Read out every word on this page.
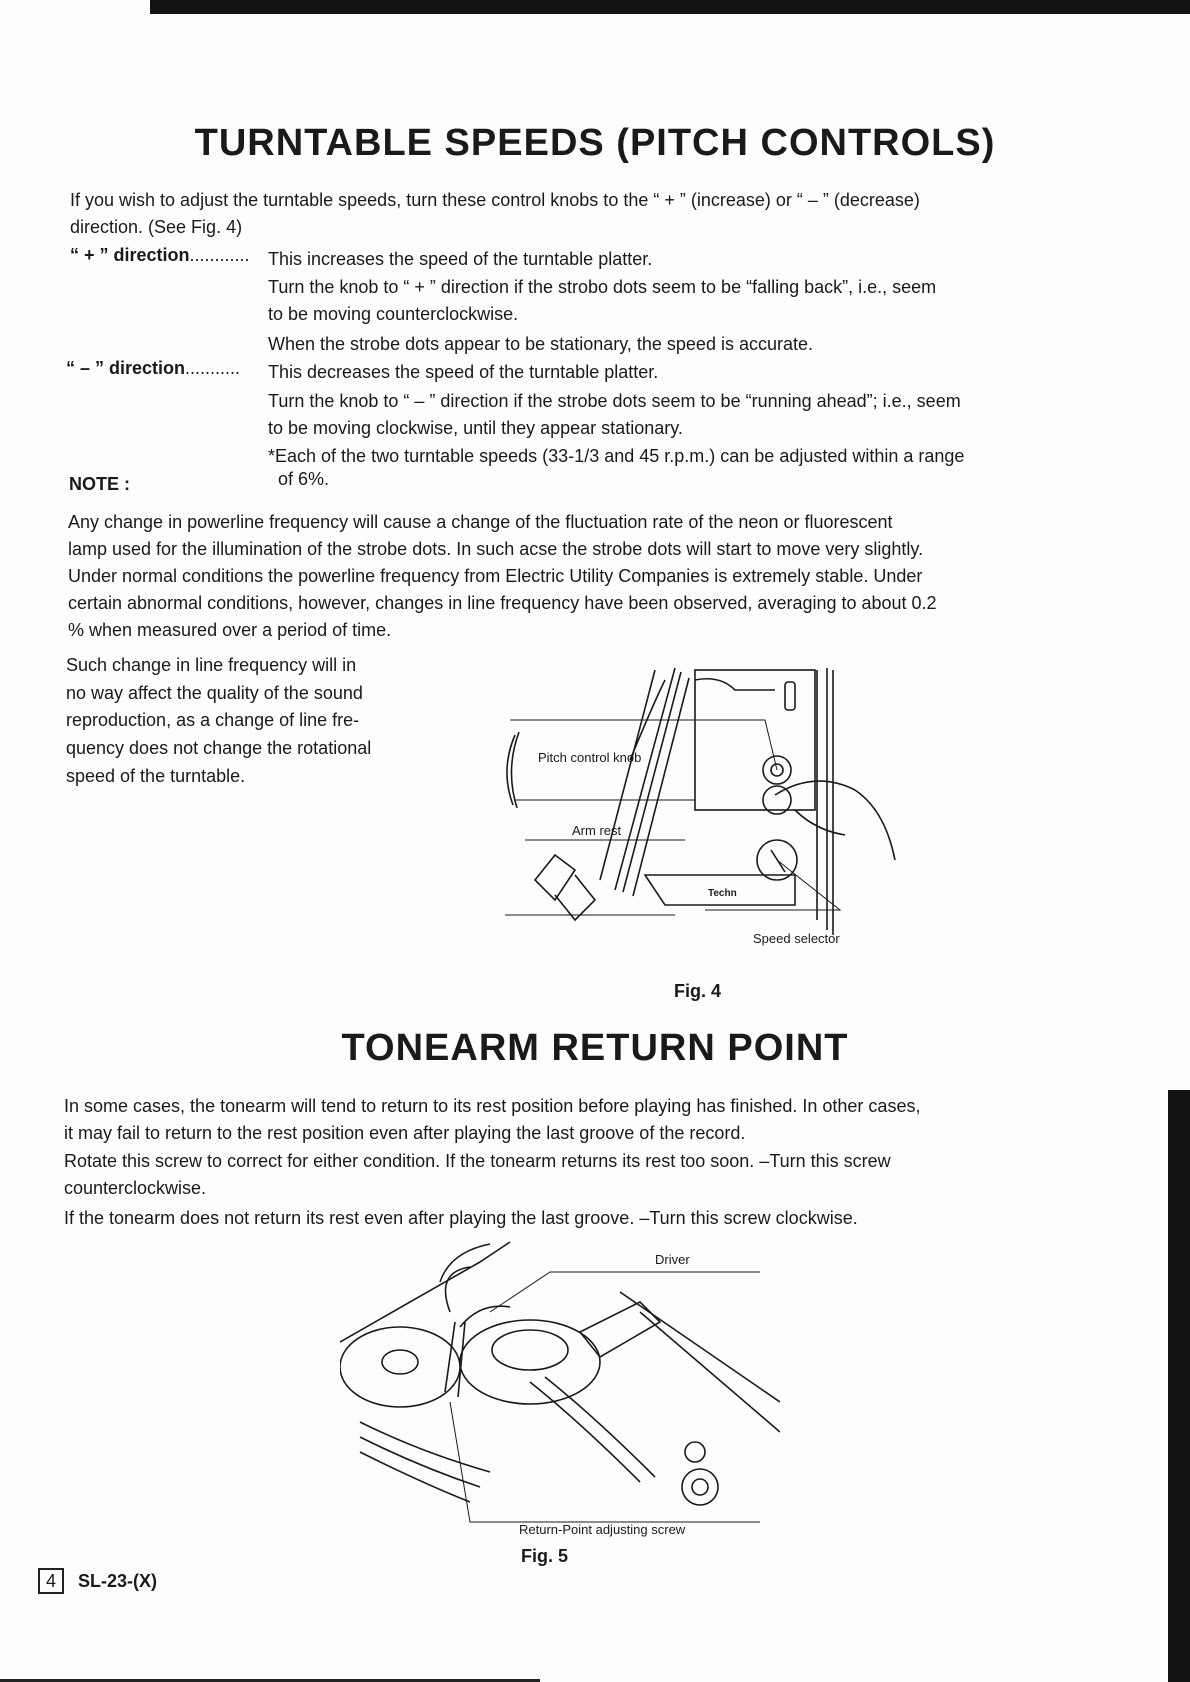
TURNTABLE SPEEDS (PITCH CONTROLS)

If you wish to adjust the turntable speeds, turn these control knobs to the “ + ” (increase) or “ – ” (decrease)

direction. (See Fig. 4)

“ + ” direction............ This increases the speed of the turntable platter.

Turn the knob to “ + ” direction if the strobo dots seem to be “falling back”, i.e., seem

to be moving counterclockwise.

When the strobe dots appear to be stationary, the speed is accurate.

“ – ” direction........... This decreases the speed of the turntable platter.

Turn the knob to “ – ” direction if the strobe dots seem to be “running ahead”; i.e., seem

to be moving clockwise, until they appear stationary.

*Each of the two turntable speeds (33-1/3 and 45 r.p.m.) can be adjusted within a range

of 6%.

NOTE :

Any change in powerline frequency will cause a change of the fluctuation rate of the neon or fluorescent

lamp used for the illumination of the strobe dots. In such acse the strobe dots will start to move very slightly.

Under normal conditions the powerline frequency from Electric Utility Companies is extremely stable. Under

certain abnormal conditions, however, changes in line frequency have been observed, averaging to about 0.2

% when measured over a period of time.

Such change in line frequency will in

no way affect the quality of the sound

reproduction, as a change of line fre-

quency does not change the rotational

speed of the turntable.

Pitch control knob
Arm rest
Speed selector
Techn
Fig. 4
TONEARM RETURN POINT

In some cases, the tonearm will tend to return to its rest position before playing has finished. In other cases,

it may fail to return to the rest position even after playing the last groove of the record.

Rotate this screw to correct for either condition. If the tonearm returns its rest too soon. –Turn this screw

counterclockwise.

If the tonearm does not return its rest even after playing the last groove. –Turn this screw clockwise.

Driver
Return-Point adjusting screw
Fig. 5
4	SL-23-(X)
